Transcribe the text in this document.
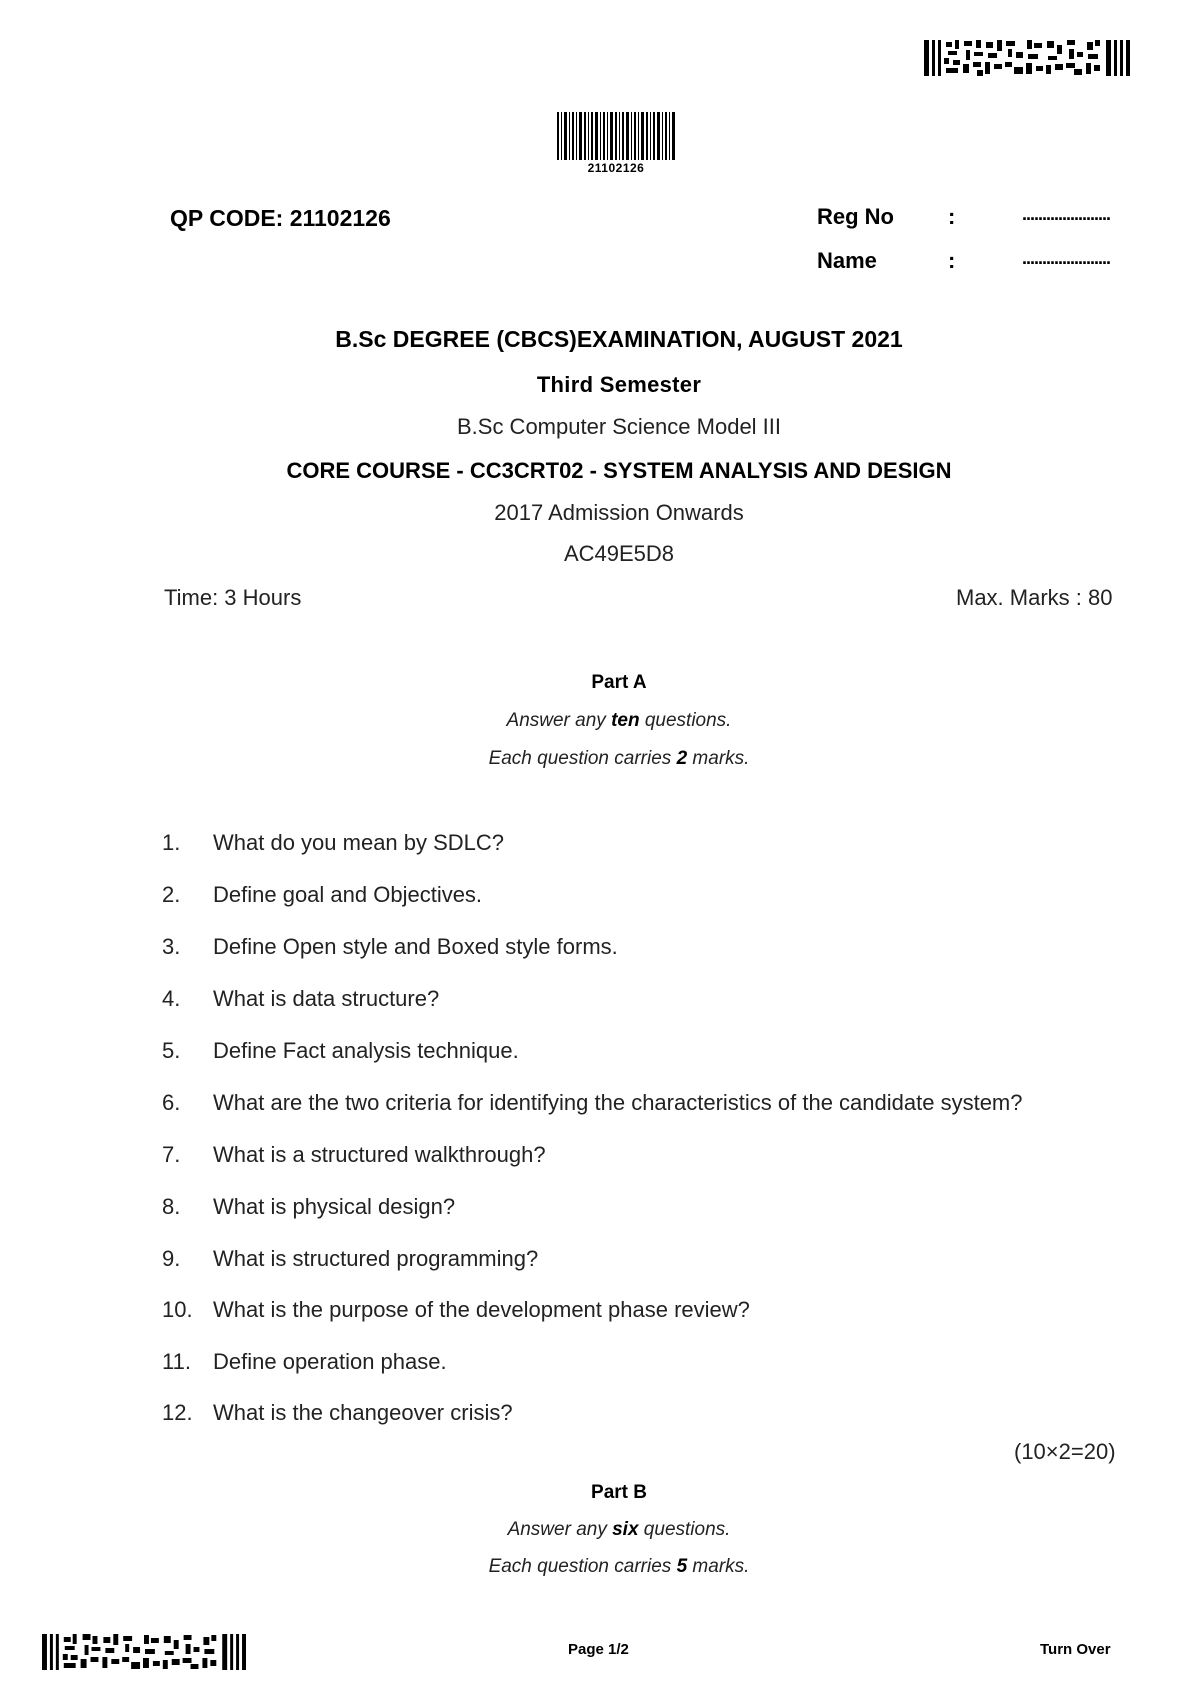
21102126
QP CODE: 21102126	Reg No :	......................
Name	:	......................
B.Sc DEGREE (CBCS)EXAMINATION, AUGUST 2021
Third Semester
B.Sc Computer Science Model III
CORE COURSE - CC3CRT02 - SYSTEM ANALYSIS AND DESIGN
2017 Admission Onwards
AC49E5D8
Time: 3 Hours	Max. Marks : 80
Part A
Answer any ten questions.
Each question carries 2 marks.
1. What do you mean by SDLC?
2. Define goal and Objectives.
3. Define Open style and Boxed style forms.
4. What is data structure?
5. Define Fact analysis technique.
6. What are the two criteria for identifying the characteristics of the candidate system?
7. What is a structured walkthrough?
8. What is physical design?
9. What is structured programming?
10. What is the purpose of the development phase review?
11. Define operation phase.
12. What is the changeover crisis?
(10×2=20)
Part B
Answer any six questions.
Each question carries 5 marks.
Page 1/2	Turn Over
